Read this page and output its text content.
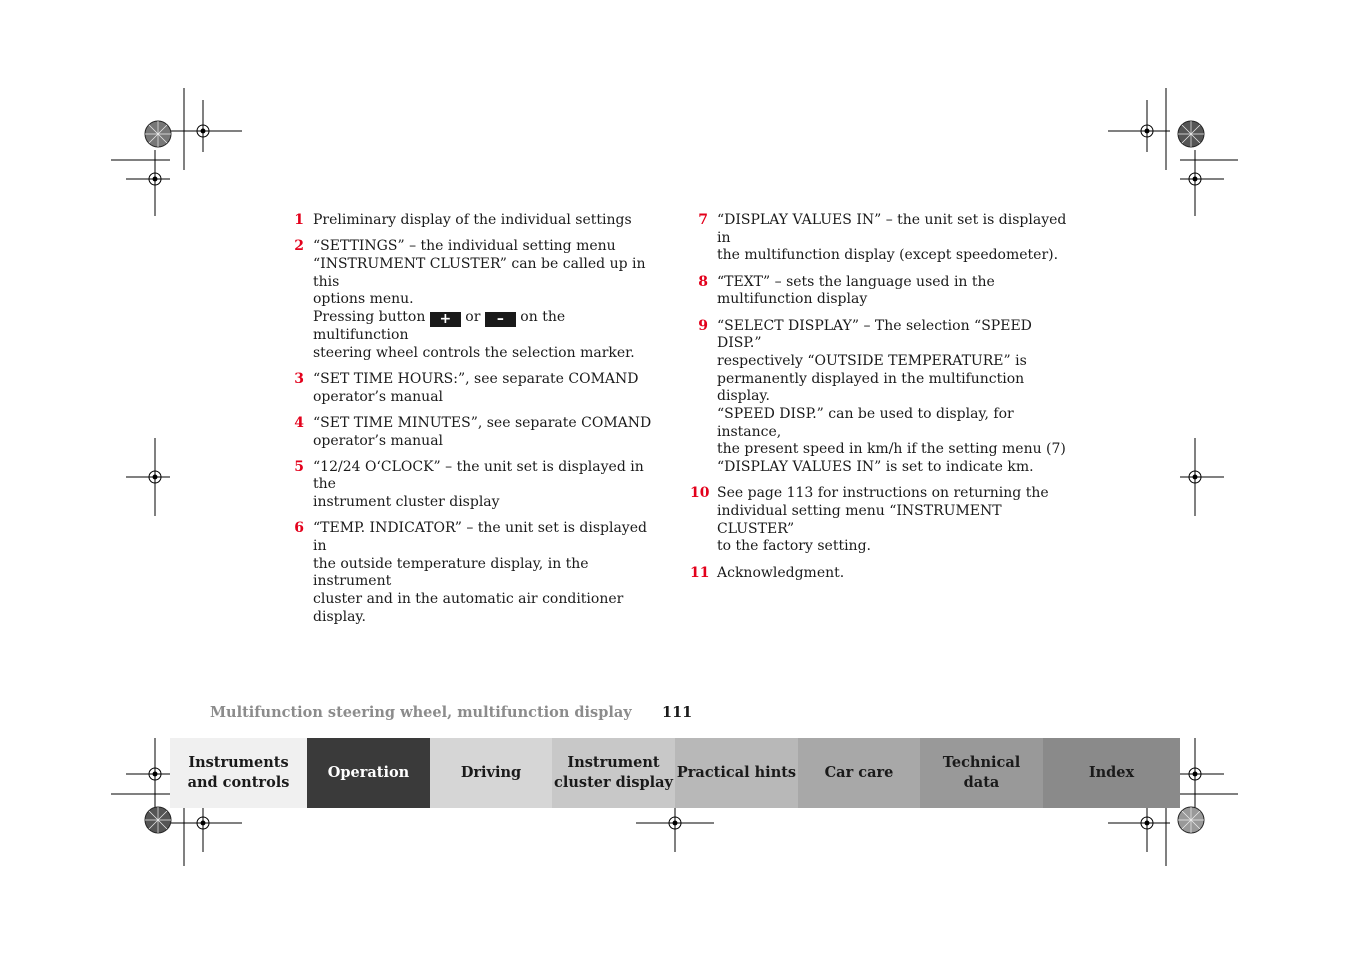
1 Preliminary display of the individual settings
2 “SETTINGS” – the individual setting menu
“INSTRUMENT CLUSTER” can be called up in this
options menu.
Pressing button + or – on the multifunction
steering wheel controls the selection marker.
3 “SET TIME HOURS:”, see separate COMAND
operator’s manual
4 “SET TIME MINUTES”, see separate COMAND
operator’s manual
5 “12/24 O‘CLOCK” – the unit set is displayed in the
instrument cluster display
6 “TEMP. INDICATOR” – the unit set is displayed in
the outside temperature display, in the instrument
cluster and in the automatic air conditioner display.
7 “DISPLAY VALUES IN” – the unit set is displayed in
the multifunction display (except speedometer).
8 “TEXT” – sets the language used in the
multifunction display
9 “SELECT DISPLAY” – The selection “SPEED DISP.”
respectively “OUTSIDE TEMPERATURE” is
permanently displayed in the multifunction display.
“SPEED DISP.” can be used to display, for instance,
the present speed in km/h if the setting menu (7)
“DISPLAY VALUES IN” is set to indicate km.
10 See page 113 for instructions on returning the
individual setting menu “INSTRUMENT CLUSTER”
to the factory setting.
11 Acknowledgment.
Multifunction steering wheel, multifunction display 111
Instruments
and controls
Operation	Driving
Instrument
cluster display
Practical hints	Car care
Technical
data
Index
